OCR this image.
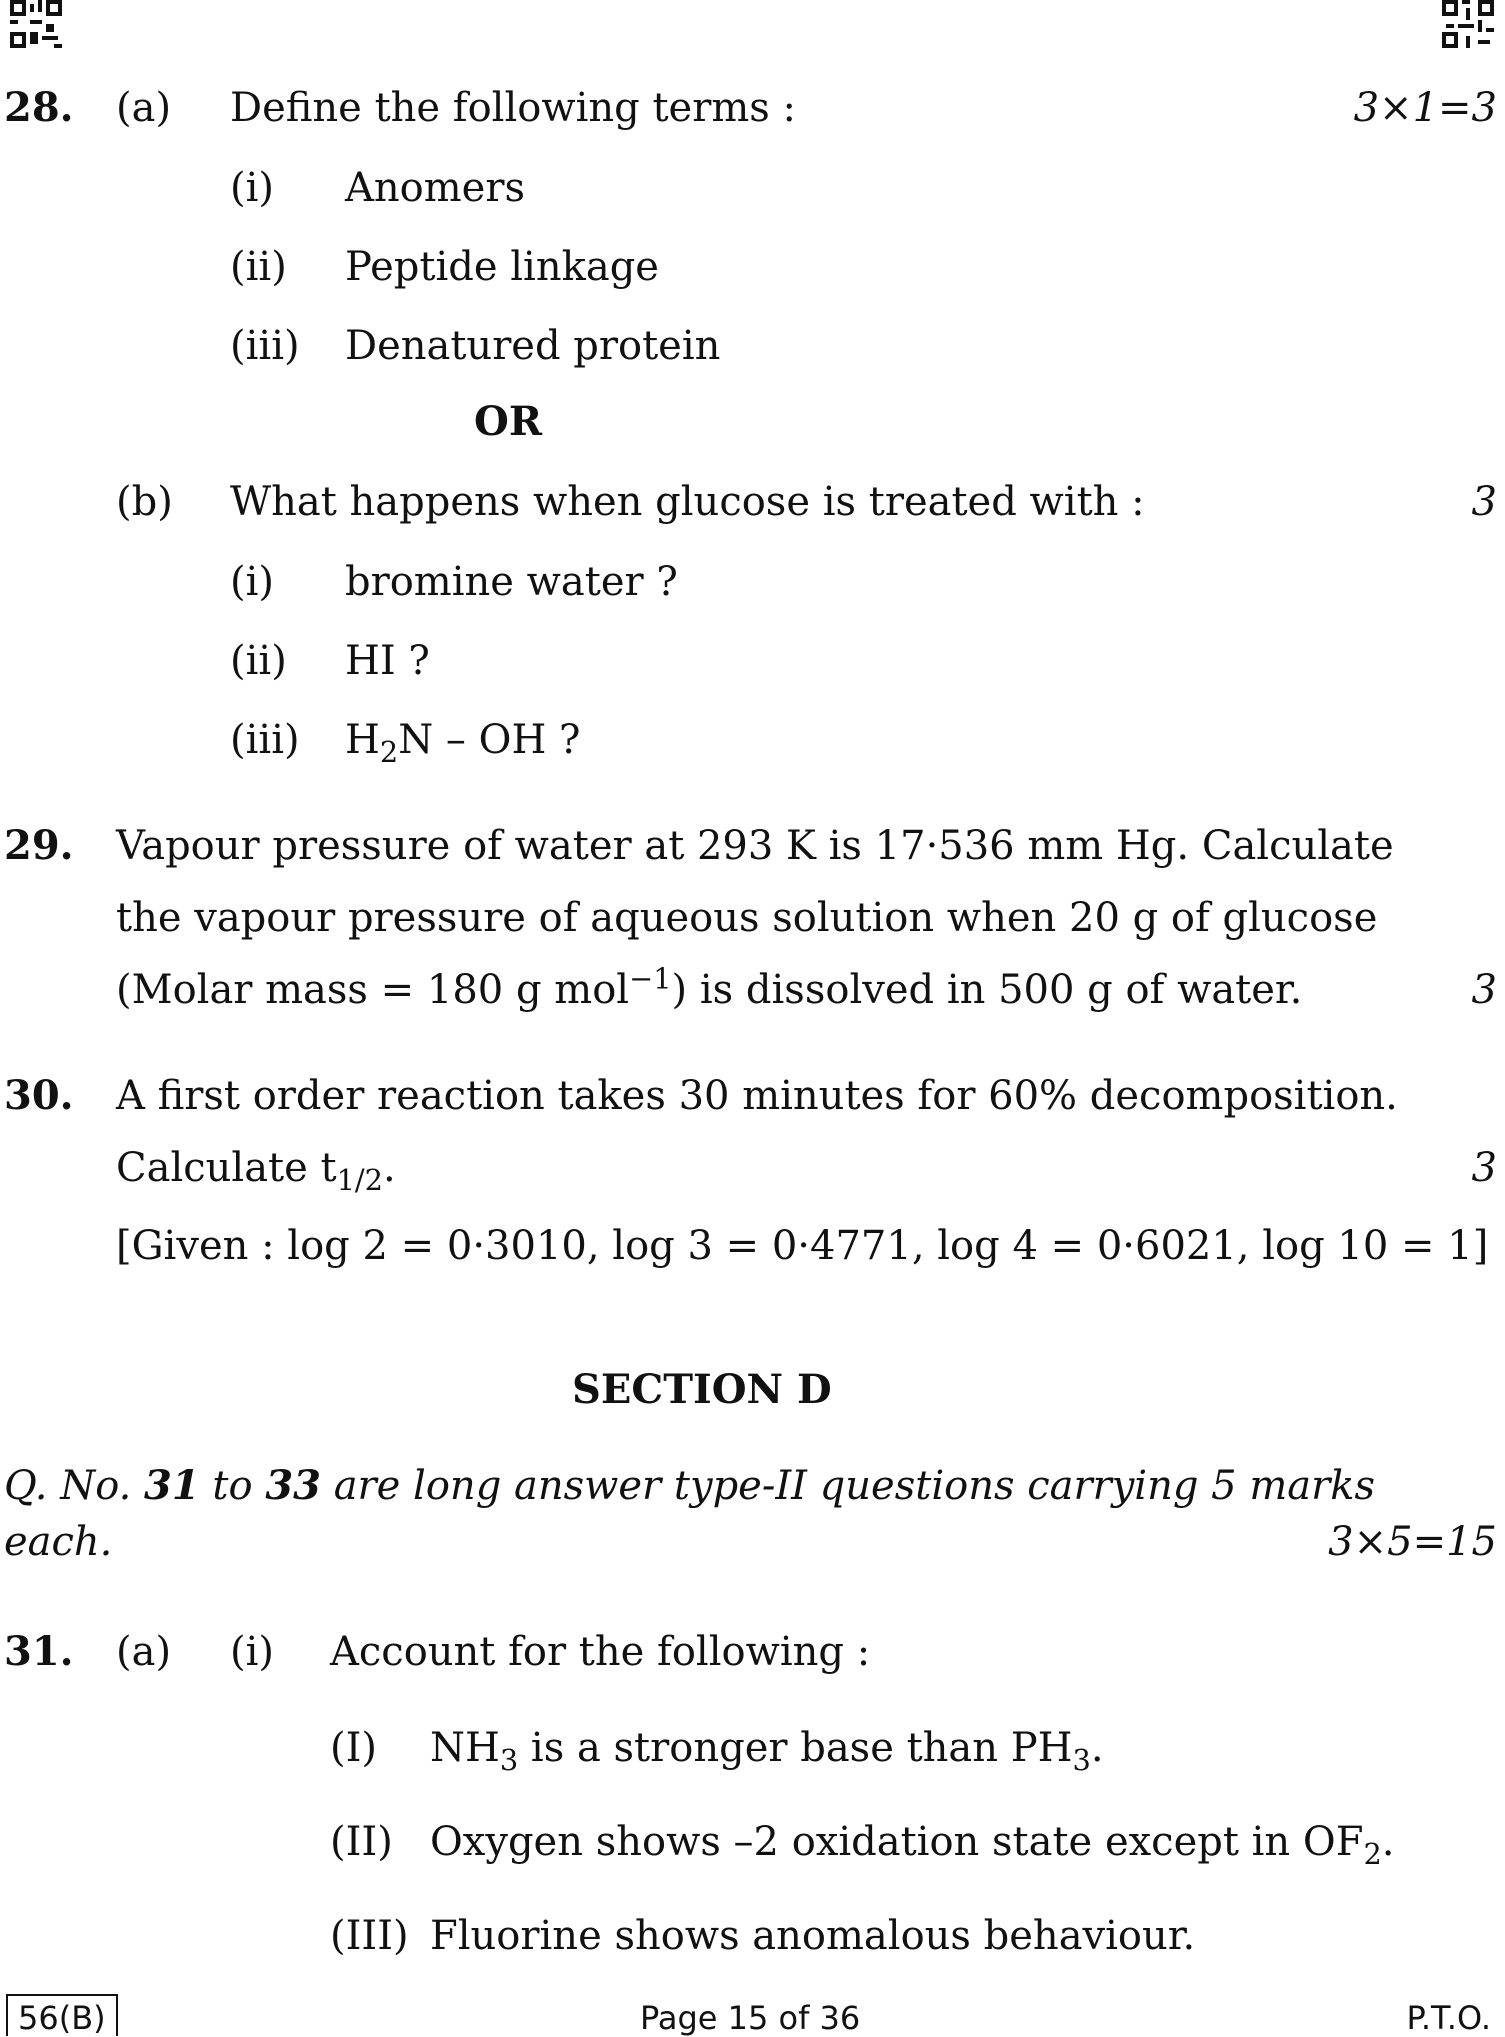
28. (a) Define the following terms :	3×1=3
(i) Anomers
(ii) Peptide linkage
(iii) Denatured protein
OR
(b) What happens when glucose is treated with :	3
(i) bromine water ?
(ii) HI ?
(iii) $H_2N$ – OH ?
29. Vapour pressure of water at 293 K is 17·536 mm Hg. Calculate
the vapour pressure of aqueous solution when 20 g of glucose
(Molar mass = 180 g mol$^{-1}$) is dissolved in 500 g of water.	3
30. A first order reaction takes 30 minutes for 60% decomposition.
Calculate $t_{1/2}$.	3
[Given : log 2 = 0·3010, log 3 = 0·4771, log 4 = 0·6021, log 10 = 1]
SECTION D
Q. No. 31 to 33 are long answer type-II questions carrying 5 marks
each.	3×5=15
31. (a) (i) Account for the following :
(I) $NH_3$ is a stronger base than $PH_3$.
(II) Oxygen shows –2 oxidation state except in $OF_2$.
(III) Fluorine shows anomalous behaviour.
56(B)	Page 15 of 36	P.T.O.
